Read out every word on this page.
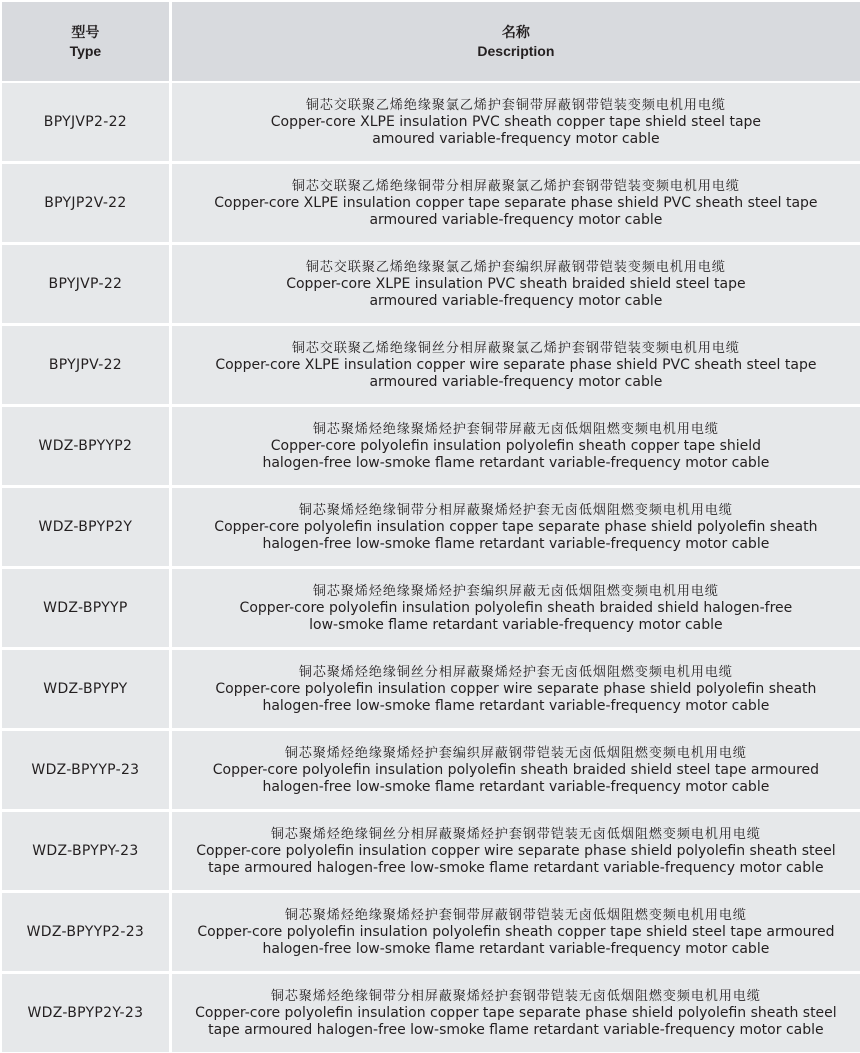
型号
Type
名称
Description
BPYJVP2-22
铜芯交联聚乙烯绝缘聚氯乙烯护套铜带屏蔽钢带铠装变频电机用电缆
Copper-core XLPE insulation PVC sheath copper tape shield steel tape
amoured variable-frequency motor cable
BPYJP2V-22
铜芯交联聚乙烯绝缘铜带分相屏蔽聚氯乙烯护套钢带铠装变频电机用电缆
Copper-core XLPE insulation copper tape separate phase shield PVC sheath steel tape
armoured variable-frequency motor cable
BPYJVP-22
铜芯交联聚乙烯绝缘聚氯乙烯护套编织屏蔽钢带铠装变频电机用电缆
Copper-core XLPE insulation PVC sheath braided shield steel tape
armoured variable-frequency motor cable
BPYJPV-22
铜芯交联聚乙烯绝缘铜丝分相屏蔽聚氯乙烯护套钢带铠装变频电机用电缆
Copper-core XLPE insulation copper wire separate phase shield PVC sheath steel tape
armoured variable-frequency motor cable
WDZ-BPYYP2
铜芯聚烯烃绝缘聚烯烃护套铜带屏蔽无卤低烟阻燃变频电机用电缆
Copper-core polyolefin insulation polyolefin sheath copper tape shield
halogen-free low-smoke flame retardant variable-frequency motor cable
WDZ-BPYP2Y
铜芯聚烯烃绝缘铜带分相屏蔽聚烯烃护套无卤低烟阻燃变频电机用电缆
Copper-core polyolefin insulation copper tape separate phase shield polyolefin sheath
halogen-free low-smoke flame retardant variable-frequency motor cable
WDZ-BPYYP
铜芯聚烯烃绝缘聚烯烃护套编织屏蔽无卤低烟阻燃变频电机用电缆
Copper-core polyolefin insulation polyolefin sheath braided shield halogen-free
low-smoke flame retardant variable-frequency motor cable
WDZ-BPYPY
铜芯聚烯烃绝缘铜丝分相屏蔽聚烯烃护套无卤低烟阻燃变频电机用电缆
Copper-core polyolefin insulation copper wire separate phase shield polyolefin sheath
halogen-free low-smoke flame retardant variable-frequency motor cable
WDZ-BPYYP-23
铜芯聚烯烃绝缘聚烯烃护套编织屏蔽钢带铠装无卤低烟阻燃变频电机用电缆
Copper-core polyolefin insulation polyolefin sheath braided shield steel tape armoured
halogen-free low-smoke flame retardant variable-frequency motor cable
WDZ-BPYPY-23
铜芯聚烯烃绝缘铜丝分相屏蔽聚烯烃护套钢带铠装无卤低烟阻燃变频电机用电缆
Copper-core polyolefin insulation copper wire separate phase shield polyolefin sheath steel
tape armoured halogen-free low-smoke flame retardant variable-frequency motor cable
WDZ-BPYYP2-23
铜芯聚烯烃绝缘聚烯烃护套铜带屏蔽钢带铠装无卤低烟阻燃变频电机用电缆
Copper-core polyolefin insulation polyolefin sheath copper tape shield steel tape armoured
halogen-free low-smoke flame retardant variable-frequency motor cable
WDZ-BPYP2Y-23
铜芯聚烯烃绝缘铜带分相屏蔽聚烯烃护套钢带铠装无卤低烟阻燃变频电机用电缆
Copper-core polyolefin insulation copper tape separate phase shield polyolefin sheath steel
tape armoured halogen-free low-smoke flame retardant variable-frequency motor cable
